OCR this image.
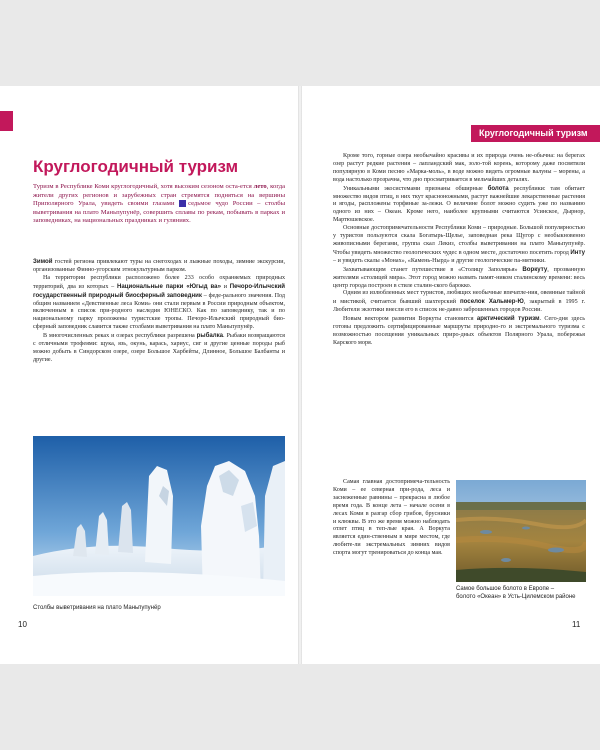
Круглогодичный туризм
Круглогодичный туризм

Туризм в Республике Коми круглогодичный, хотя высоким сезоном оста-ется лето, когда жители других регионов и зарубежных стран стремятся подняться на вершины Приполярного Урала, увидеть своими глазами седьмое чудо России – столбы выветривания на плато Маньпупунёр, совершить сплавы по рекам, побывать в парках и заповедниках, на национальных праздниках и гуляниях.

Зимой гостей региона привлекают туры на снегоходах и лыжные походы, зимние экскурсии, организованные Финно-угорским этнокультурным парком.

На территории республики расположено более 233 особо охраняемых природных территорий, два из которых – Национальные парки «Югыд ва» и Печоро-Илычский государственный природный биосферный заповедник – феде-рального значения. Под общим названием «Девственные леса Коми» они стали первым в России природным объектом, включенным в список при-родного наследия ЮНЕСКО. Как по заповеднику, так и по национальному парку проложены туристские тропы. Печоро-Илычский природный био-сферный заповедник славится также столбами выветривания на плато Маньпупунёр.

В многочисленных реках и озерах республики разрешена рыбалка. Рыбаки возвращаются с отличными трофеями: щука, язь, окунь, карась, хариус, сиг и другие ценные породы рыб можно добыть в Синдорском озере, озере Большое Харбейты, Длинное, Большое Балбанты и другие.

Столбы выветривания на плато Маньпупунёр
10

Кроме того, горные озера необычайно красивы и их природа очень не-обычна: на берегах озер растут редкие растения – лапландский мак, золо-той корень, которому даже посвятили популярную в Коми песню «Марка-моль», в воде можно видеть огромные валуны – морены, а вода настолько прозрачна, что дно просматривается в мельчайших деталях.

Уникальными экосистемами признаны обширные болота республики: там обитает множество видов птиц, в них ткут красноножными, растут важнейшие лекарственные растения и ягоды, распложены торфяные за-лежи. О величине болот можно судить уже по названию одного из них – Океан. Кроме него, наиболее крупными считаются Усинское, Дырнор, Мартюшевское.

Основные достопримечательности Республики Коми – природные. Большой популярностью у туристов пользуются скала Богатырь-Щелье, заповедная река Щугор с необыкновенно живописными берегами, группа скал Лекиз, столбы выветривания на плато Маньпупунёр. Чтобы увидеть множество геологических чудес в одном месте, достаточно посетить город Инту – и увидеть скалы «Монах», «Камень-Нырд» и другие геологические па-мятники.

Захватывающим станет путешествие в «Столицу Заполярья» Воркуту, прозванную жителями «столицей мира». Этот город можно назвать памят-ником сталинскому времени: весь центр города построен в стиле сталин-ского барокко.

Одним из излюбленных мест туристов, любящих необычные впечатле-ния, овеянные тайной и мистикой, считается бывший шахтерский поселок Хальмер-Ю, закрытый в 1995 г. Любители экзотики внесли его в список не-давно заброшенных городов России.

Новым вектором развития Воркуты становится арктический туризм. Сего-дня здесь готовы предложить сертифицированные маршруты природно-го и экстремального туризма с возможностью посещения уникальных приро-дных объектов Полярного Урала, побережья Карского моря.

Самая главная достопримеча-тельность Коми – ее северная при-рода, леса и заснеженные равнины – прекрасна в любое время года. В конце лета – начале осени в лесах Коми в разгар сбор грибов, брусники и клюквы. В это же время можно наблюдать отлет птиц в теп-лые края. А Воркута является един-ственным в мире местом, где любите-ли экстремальных зимних видов спорта могут тренироваться до конца мая.

Самое большое болото в Европе –
болото «Океан» в Усть-Цилемском районе
11
